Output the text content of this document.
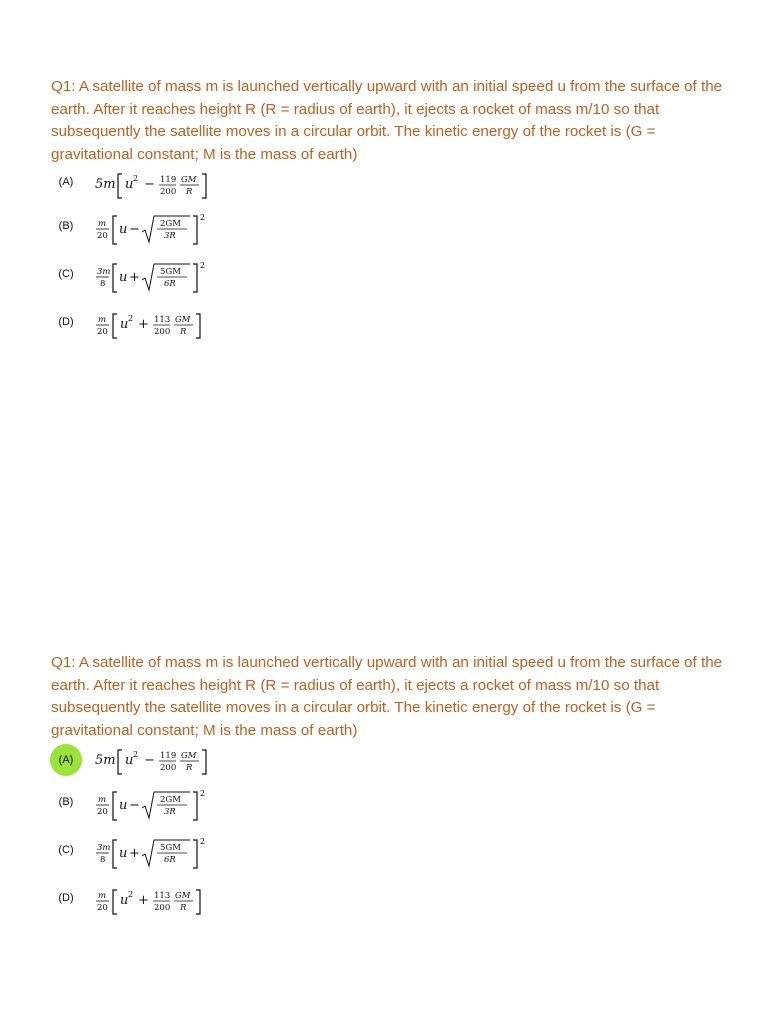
Q1: A satellite of mass m is launched vertically upward with an initial speed u from the surface of the earth. After it reaches height R (R = radius of earth), it ejects a rocket of mass m/10 so that subsequently the satellite moves in a circular orbit. The kinetic energy of the rocket is (G = gravitational constant; M is the mass of earth)
(A)	5m u 2 − 119
200
GM
R
(B)	m
20 u − 2GM
3R
2
(C)	3m
8 u + 5GM
6R
2
(D)	m
20 u 2 + 113
200
GM
R
Q1: A satellite of mass m is launched vertically upward with an initial speed u from the surface of the earth. After it reaches height R (R = radius of earth), it ejects a rocket of mass m/10 so that subsequently the satellite moves in a circular orbit. The kinetic energy of the rocket is (G = gravitational constant; M is the mass of earth)
(A)	5m u 2 − 119
200
GM
R
(B)	m
20 u − 2GM
3R
2
(C)	3m
8 u + 5GM
6R
2
(D)	m
20 u 2 + 113
200
GM
R
